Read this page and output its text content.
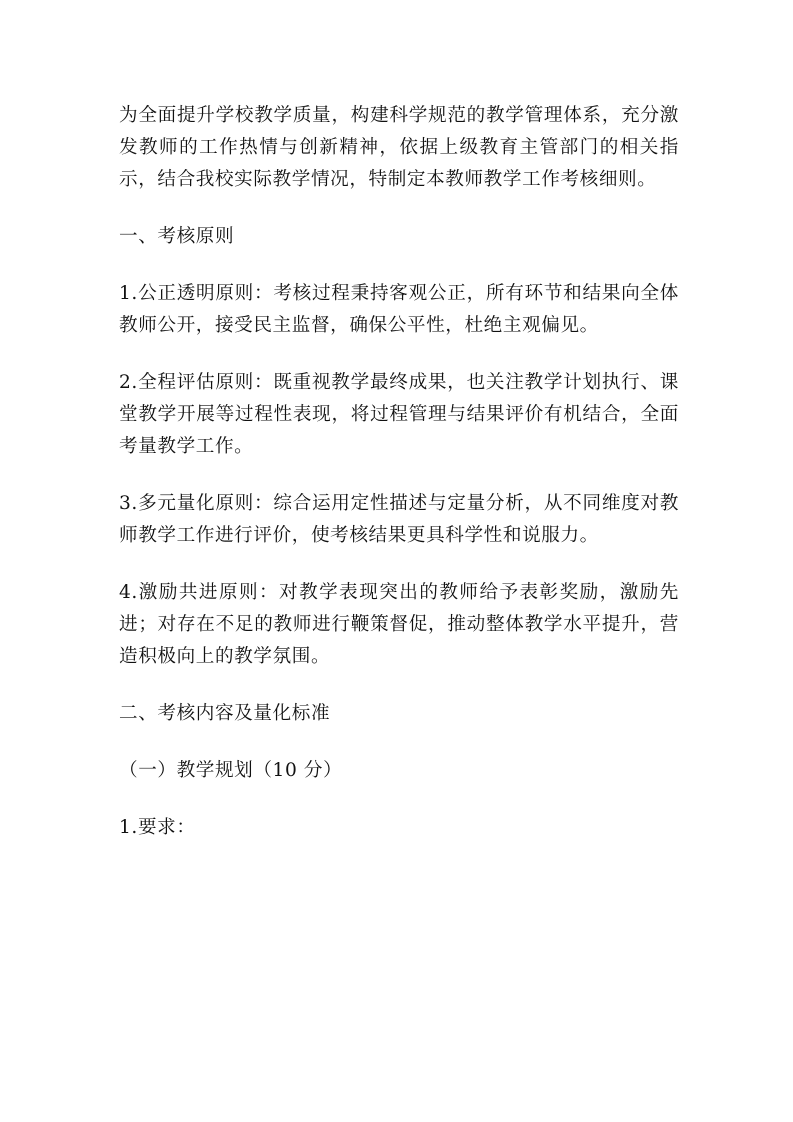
为全面提升学校教学质量，构建科学规范的教学管理体系，充分激发教师的工作热情与创新精神，依据上级教育主管部门的相关指示，结合我校实际教学情况，特制定本教师教学工作考核细则。

一、考核原则

1.公正透明原则：考核过程秉持客观公正，所有环节和结果向全体教师公开，接受民主监督，确保公平性，杜绝主观偏见。

2.全程评估原则：既重视教学最终成果，也关注教学计划执行、课堂教学开展等过程性表现，将过程管理与结果评价有机结合，全面考量教学工作。

3.多元量化原则：综合运用定性描述与定量分析，从不同维度对教师教学工作进行评价，使考核结果更具科学性和说服力。

4.激励共进原则：对教学表现突出的教师给予表彰奖励，激励先进；对存在不足的教师进行鞭策督促，推动整体教学水平提升，营造积极向上的教学氛围。

二、考核内容及量化标准

（一）教学规划（10 分）

1.要求：
